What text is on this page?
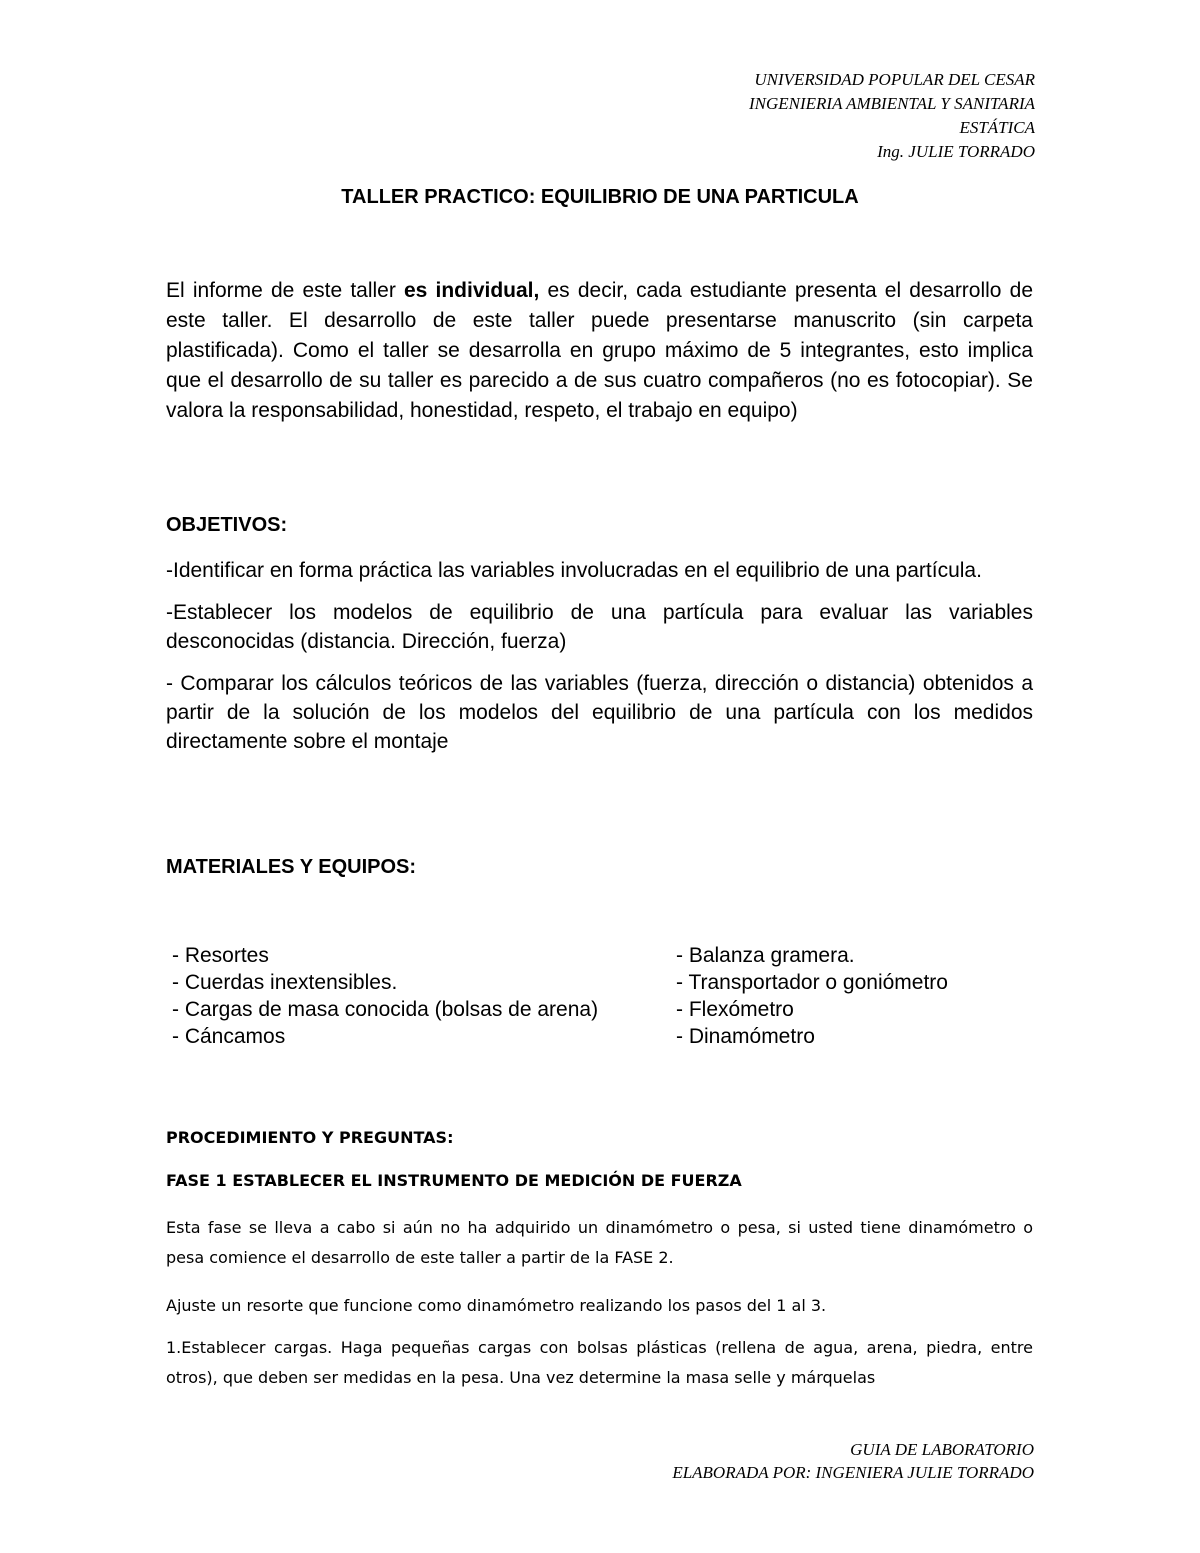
UNIVERSIDAD POPULAR DEL CESAR
INGENIERIA AMBIENTAL Y SANITARIA
ESTÁTICA
Ing. JULIE TORRADO
TALLER PRACTICO: EQUILIBRIO DE UNA PARTICULA

El informe de este taller es individual, es decir, cada estudiante presenta el desarrollo de este taller. El desarrollo de este taller puede presentarse manuscrito (sin carpeta plastificada). Como el taller se desarrolla en grupo máximo de 5 integrantes, esto implica que el desarrollo de su taller es parecido a de sus cuatro compañeros (no es fotocopiar). Se valora la responsabilidad, honestidad, respeto, el trabajo en equipo)

OBJETIVOS:

-Identificar en forma práctica las variables involucradas en el equilibrio de una partícula.

-Establecer los modelos de equilibrio de una partícula para evaluar las variables desconocidas (distancia. Dirección, fuerza)

- Comparar los cálculos teóricos de las variables (fuerza, dirección o distancia) obtenidos a partir de la solución de los modelos del equilibrio de una partícula con los medidos directamente sobre el montaje

MATERIALES Y EQUIPOS:
- Resortes
- Cuerdas inextensibles.
- Cargas de masa conocida (bolsas de arena)
- Cáncamos
- Balanza gramera.
- Transportador o goniómetro
- Flexómetro
- Dinamómetro
PROCEDIMIENTO Y PREGUNTAS:
FASE 1 ESTABLECER EL INSTRUMENTO DE MEDICIÓN DE FUERZA

Esta fase se lleva a cabo si aún no ha adquirido un dinamómetro o pesa, si usted tiene dinamómetro o pesa comience el desarrollo de este taller a partir de la FASE 2.

Ajuste un resorte que funcione como dinamómetro realizando los pasos del 1 al 3.

1.Establecer cargas. Haga pequeñas cargas con bolsas plásticas (rellena de agua, arena, piedra, entre otros), que deben ser medidas en la pesa. Una vez determine la masa selle y márquelas

GUIA DE LABORATORIO
ELABORADA POR: INGENIERA JULIE TORRADO
